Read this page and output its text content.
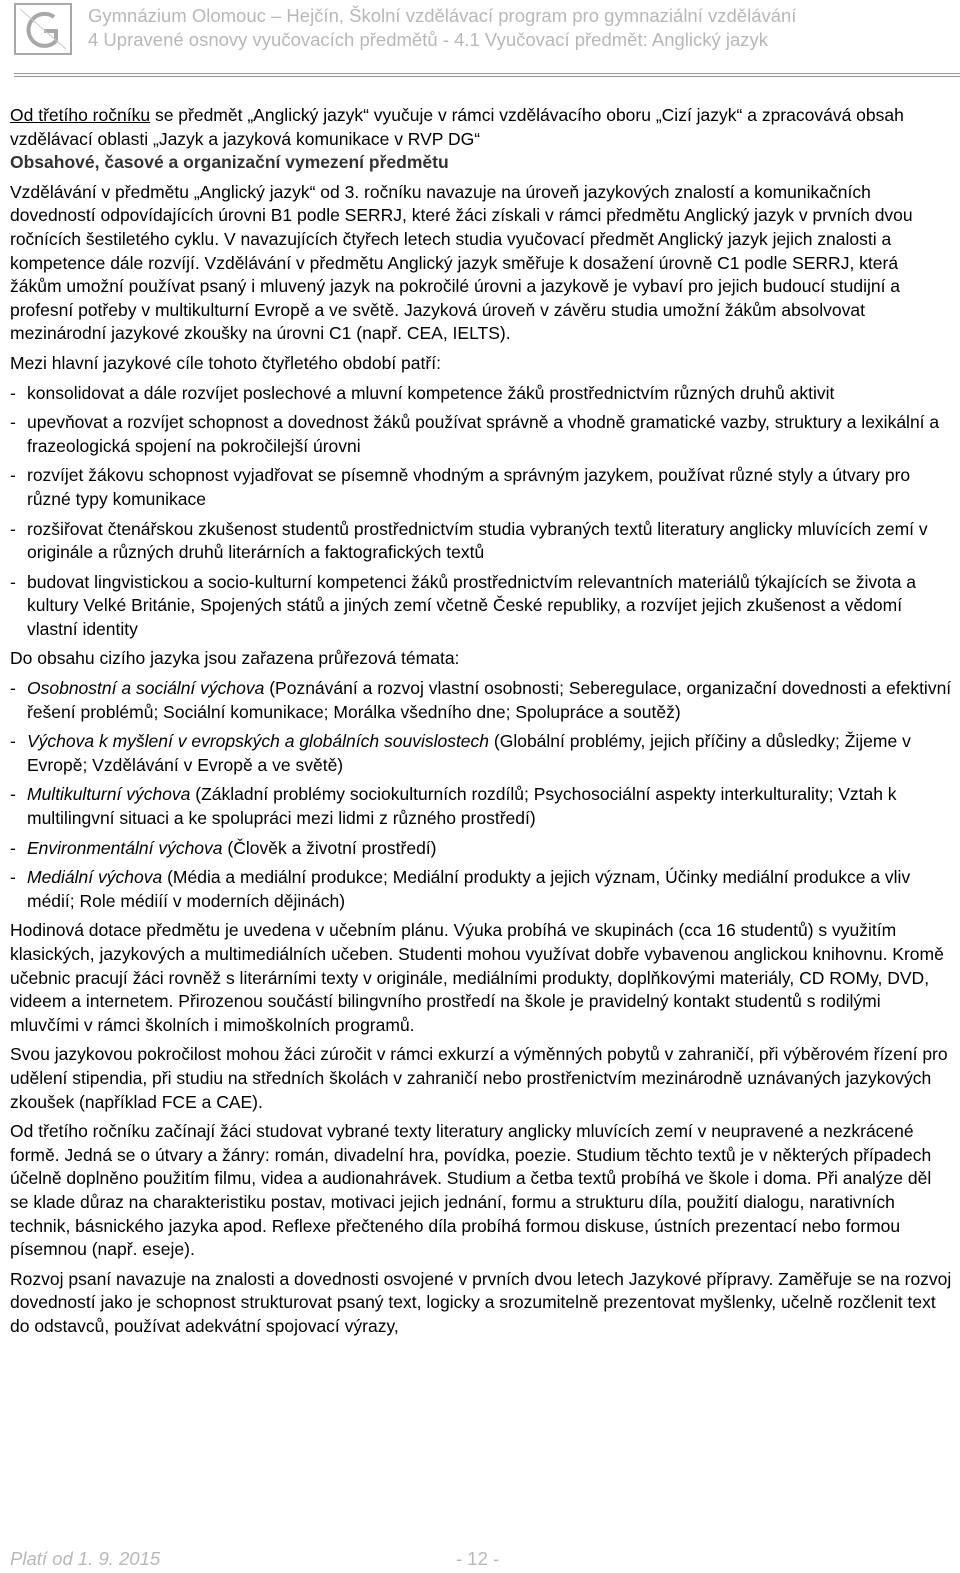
Gymnázium Olomouc – Hejčín, Školní vzdělávací program pro gymnaziální vzdělávání
4 Upravené osnovy vyučovacích předmětů - 4.1 Vyučovací předmět: Anglický jazyk

Od třetího ročníku se předmět „Anglický jazyk“ vyučuje v rámci vzdělávacího oboru „Cizí jazyk“ a zpracovává obsah vzdělávací oblasti „Jazyk a jazyková komunikace v RVP DG“

Obsahové, časové a organizační vymezení předmětu

Vzdělávání v předmětu „Anglický jazyk“ od 3. ročníku navazuje na úroveň jazykových znalostí a komunikačních dovedností odpovídajících úrovni B1 podle SERRJ, které žáci získali v rámci předmětu Anglický jazyk v prvních dvou ročnících šestiletého cyklu. V navazujících čtyřech letech studia vyučovací předmět Anglický jazyk jejich znalosti a kompetence dále rozvíjí. Vzdělávání v předmětu Anglický jazyk směřuje k dosažení úrovně C1 podle SERRJ, která žákům umožní používat psaný i mluvený jazyk na pokročilé úrovni a jazykově je vybaví pro jejich budoucí studijní a profesní potřeby v multikulturní Evropě a ve světě. Jazyková úroveň v závěru studia umožní žákům absolvovat mezinárodní jazykové zkoušky na úrovni C1 (např. CEA, IELTS).

Mezi hlavní jazykové cíle tohoto čtyřletého období patří:

- konsolidovat a dále rozvíjet poslechové a mluvní kompetence žáků prostřednictvím různých druhů aktivit
- upevňovat a rozvíjet schopnost a dovednost žáků používat správně a vhodně gramatické vazby, struktury a lexikální a frazeologická spojení na pokročilejší úrovni
- rozvíjet žákovu schopnost vyjadřovat se písemně vhodným a správným jazykem, používat různé styly a útvary pro různé typy komunikace
- rozšiřovat čtenářskou zkušenost studentů prostřednictvím studia vybraných textů literatury anglicky mluvících zemí v originále a různých druhů literárních a faktografických textů
- budovat lingvistickou a socio-kulturní kompetenci žáků prostřednictvím relevantních materiálů týkajících se života a kultury Velké Británie, Spojených států a jiných zemí včetně České republiky, a rozvíjet jejich zkušenost a vědomí vlastní identity

Do obsahu cizího jazyka jsou zařazena průřezová témata:

- Osobnostní a sociální výchova (Poznávání a rozvoj vlastní osobnosti; Seberegulace, organizační dovednosti a efektivní řešení problémů; Sociální komunikace; Morálka všedního dne; Spolupráce a soutěž)
- Výchova k myšlení v evropských a globálních souvislostech (Globální problémy, jejich příčiny a důsledky; Žijeme v Evropě; Vzdělávání v Evropě a ve světě)
- Multikulturní výchova (Základní problémy sociokulturních rozdílů; Psychosociální aspekty interkulturality; Vztah k multilingvní situaci a ke spolupráci mezi lidmi z různého prostředí)
- Environmentální výchova (Člověk a životní prostředí)
- Mediální výchova (Média a mediální produkce; Mediální produkty a jejich význam, Účinky mediální produkce a vliv médií; Role médiíí v moderních dějinách)

Hodinová dotace předmětu je uvedena v učebním plánu. Výuka probíhá ve skupinách (cca 16 studentů) s využitím klasických, jazykových a multimediálních učeben. Studenti mohou využívat dobře vybavenou anglickou knihovnu. Kromě učebnic pracují žáci rovněž s literárními texty v originále, mediálními produkty, doplňkovými materiály, CD ROMy, DVD, videem a internetem. Přirozenou součástí bilingvního prostředí na škole je pravidelný kontakt studentů s rodilými mluvčími v rámci školních i mimoškolních programů.

Svou jazykovou pokročilost mohou žáci zúročit v rámci exkurzí a výměnných pobytů v zahraničí, při výběrovém řízení pro udělení stipendia, při studiu na středních školách v zahraničí nebo prostřenictvím mezinárodně uznávaných jazykových zkoušek (například FCE a CAE).

Od třetího ročníku začínají žáci studovat vybrané texty literatury anglicky mluvících zemí v neupravené a nezkrácené formě. Jedná se o útvary a žánry: román, divadelní hra, povídka, poezie. Studium těchto textů je v některých případech účelně doplněno použitím filmu, videa a audionahrávek. Studium a četba textů probíhá ve škole i doma. Při analýze děl se klade důraz na charakteristiku postav, motivaci jejich jednání, formu a strukturu díla, použití dialogu, narativních technik, básnického jazyka apod. Reflexe přečteného díla probíhá formou diskuse, ústních prezentací nebo formou písemnou (např. eseje).

Rozvoj psaní navazuje na znalosti a dovednosti osvojené v prvních dvou letech Jazykové přípravy. Zaměřuje se na rozvoj dovedností jako je schopnost strukturovat psaný text, logicky a srozumitelně prezentovat myšlenky, učelně rozčlenit text do odstavců, používat adekvátní spojovací výrazy,

Platí od 1. 9. 2015	- 12 -
